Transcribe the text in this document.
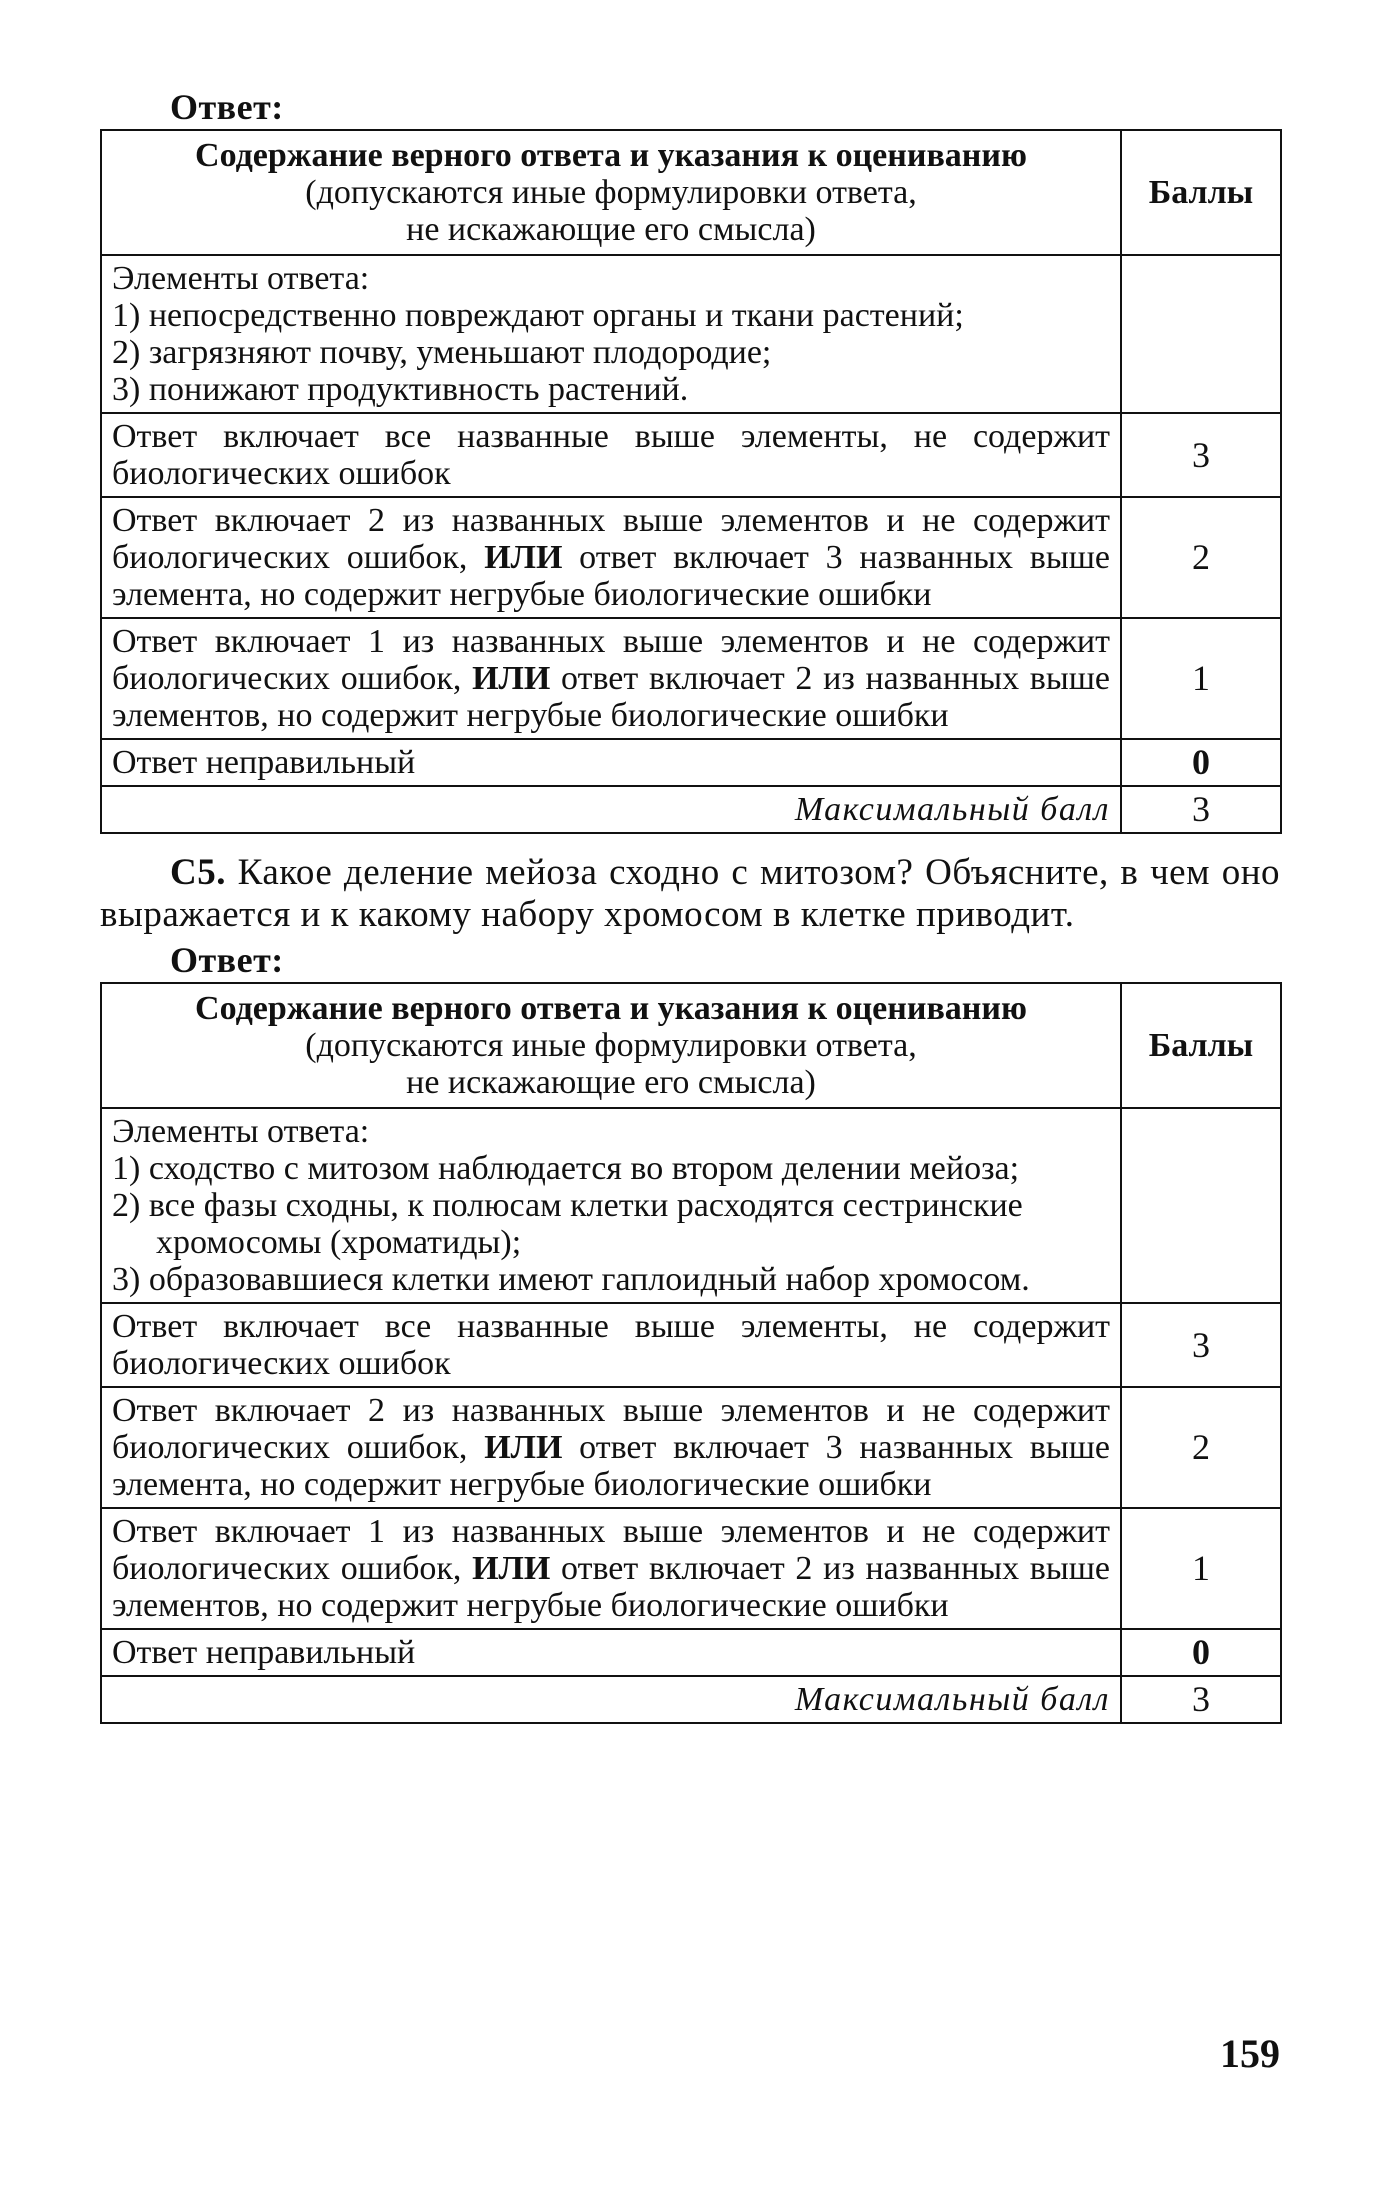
Ответ:
Содержание верного ответа и указания к оцениванию
(допускаются иные формулировки ответа,
не искажающие его смысла)	Баллы

Элементы ответа:
1) непосредственно повреждают органы и ткани растений;
2) загрязняют почву, уменьшают плодородие;
3) понижают продуктивность растений.	

Ответ включает все названные выше элементы, не содержит биологических ошибок	3
Ответ включает 2 из названных выше элементов и не содержит биологических ошибок, ИЛИ ответ включает 3 названных выше элемента, но содержит негрубые биологические ошибки	2
Ответ включает 1 из названных выше элементов и не содержит биологических ошибок, ИЛИ ответ включает 2 из названных выше элементов, но содержит негрубые биологические ошибки	1
Ответ неправильный	0
Максимальный балл	3
С5. Какое деление мейоза сходно с митозом? Объясните, в чем оно выражается и к какому набору хромосом в клетке приводит.
Ответ:
Содержание верного ответа и указания к оцениванию
(допускаются иные формулировки ответа,
не искажающие его смысла)	Баллы

Элементы ответа:
1) сходство с митозом наблюдается во втором делении мейоза;
2) все фазы сходны, к полюсам клетки расходятся сестринские хромосомы (хроматиды);
3) образовавшиеся клетки имеют гаплоидный набор хромосом.	

Ответ включает все названные выше элементы, не содержит биологических ошибок	3
Ответ включает 2 из названных выше элементов и не содержит биологических ошибок, ИЛИ ответ включает 3 названных выше элемента, но содержит негрубые биологические ошибки	2
Ответ включает 1 из названных выше элементов и не содержит биологических ошибок, ИЛИ ответ включает 2 из названных выше элементов, но содержит негрубые биологические ошибки	1
Ответ неправильный	0
Максимальный балл	3
159
